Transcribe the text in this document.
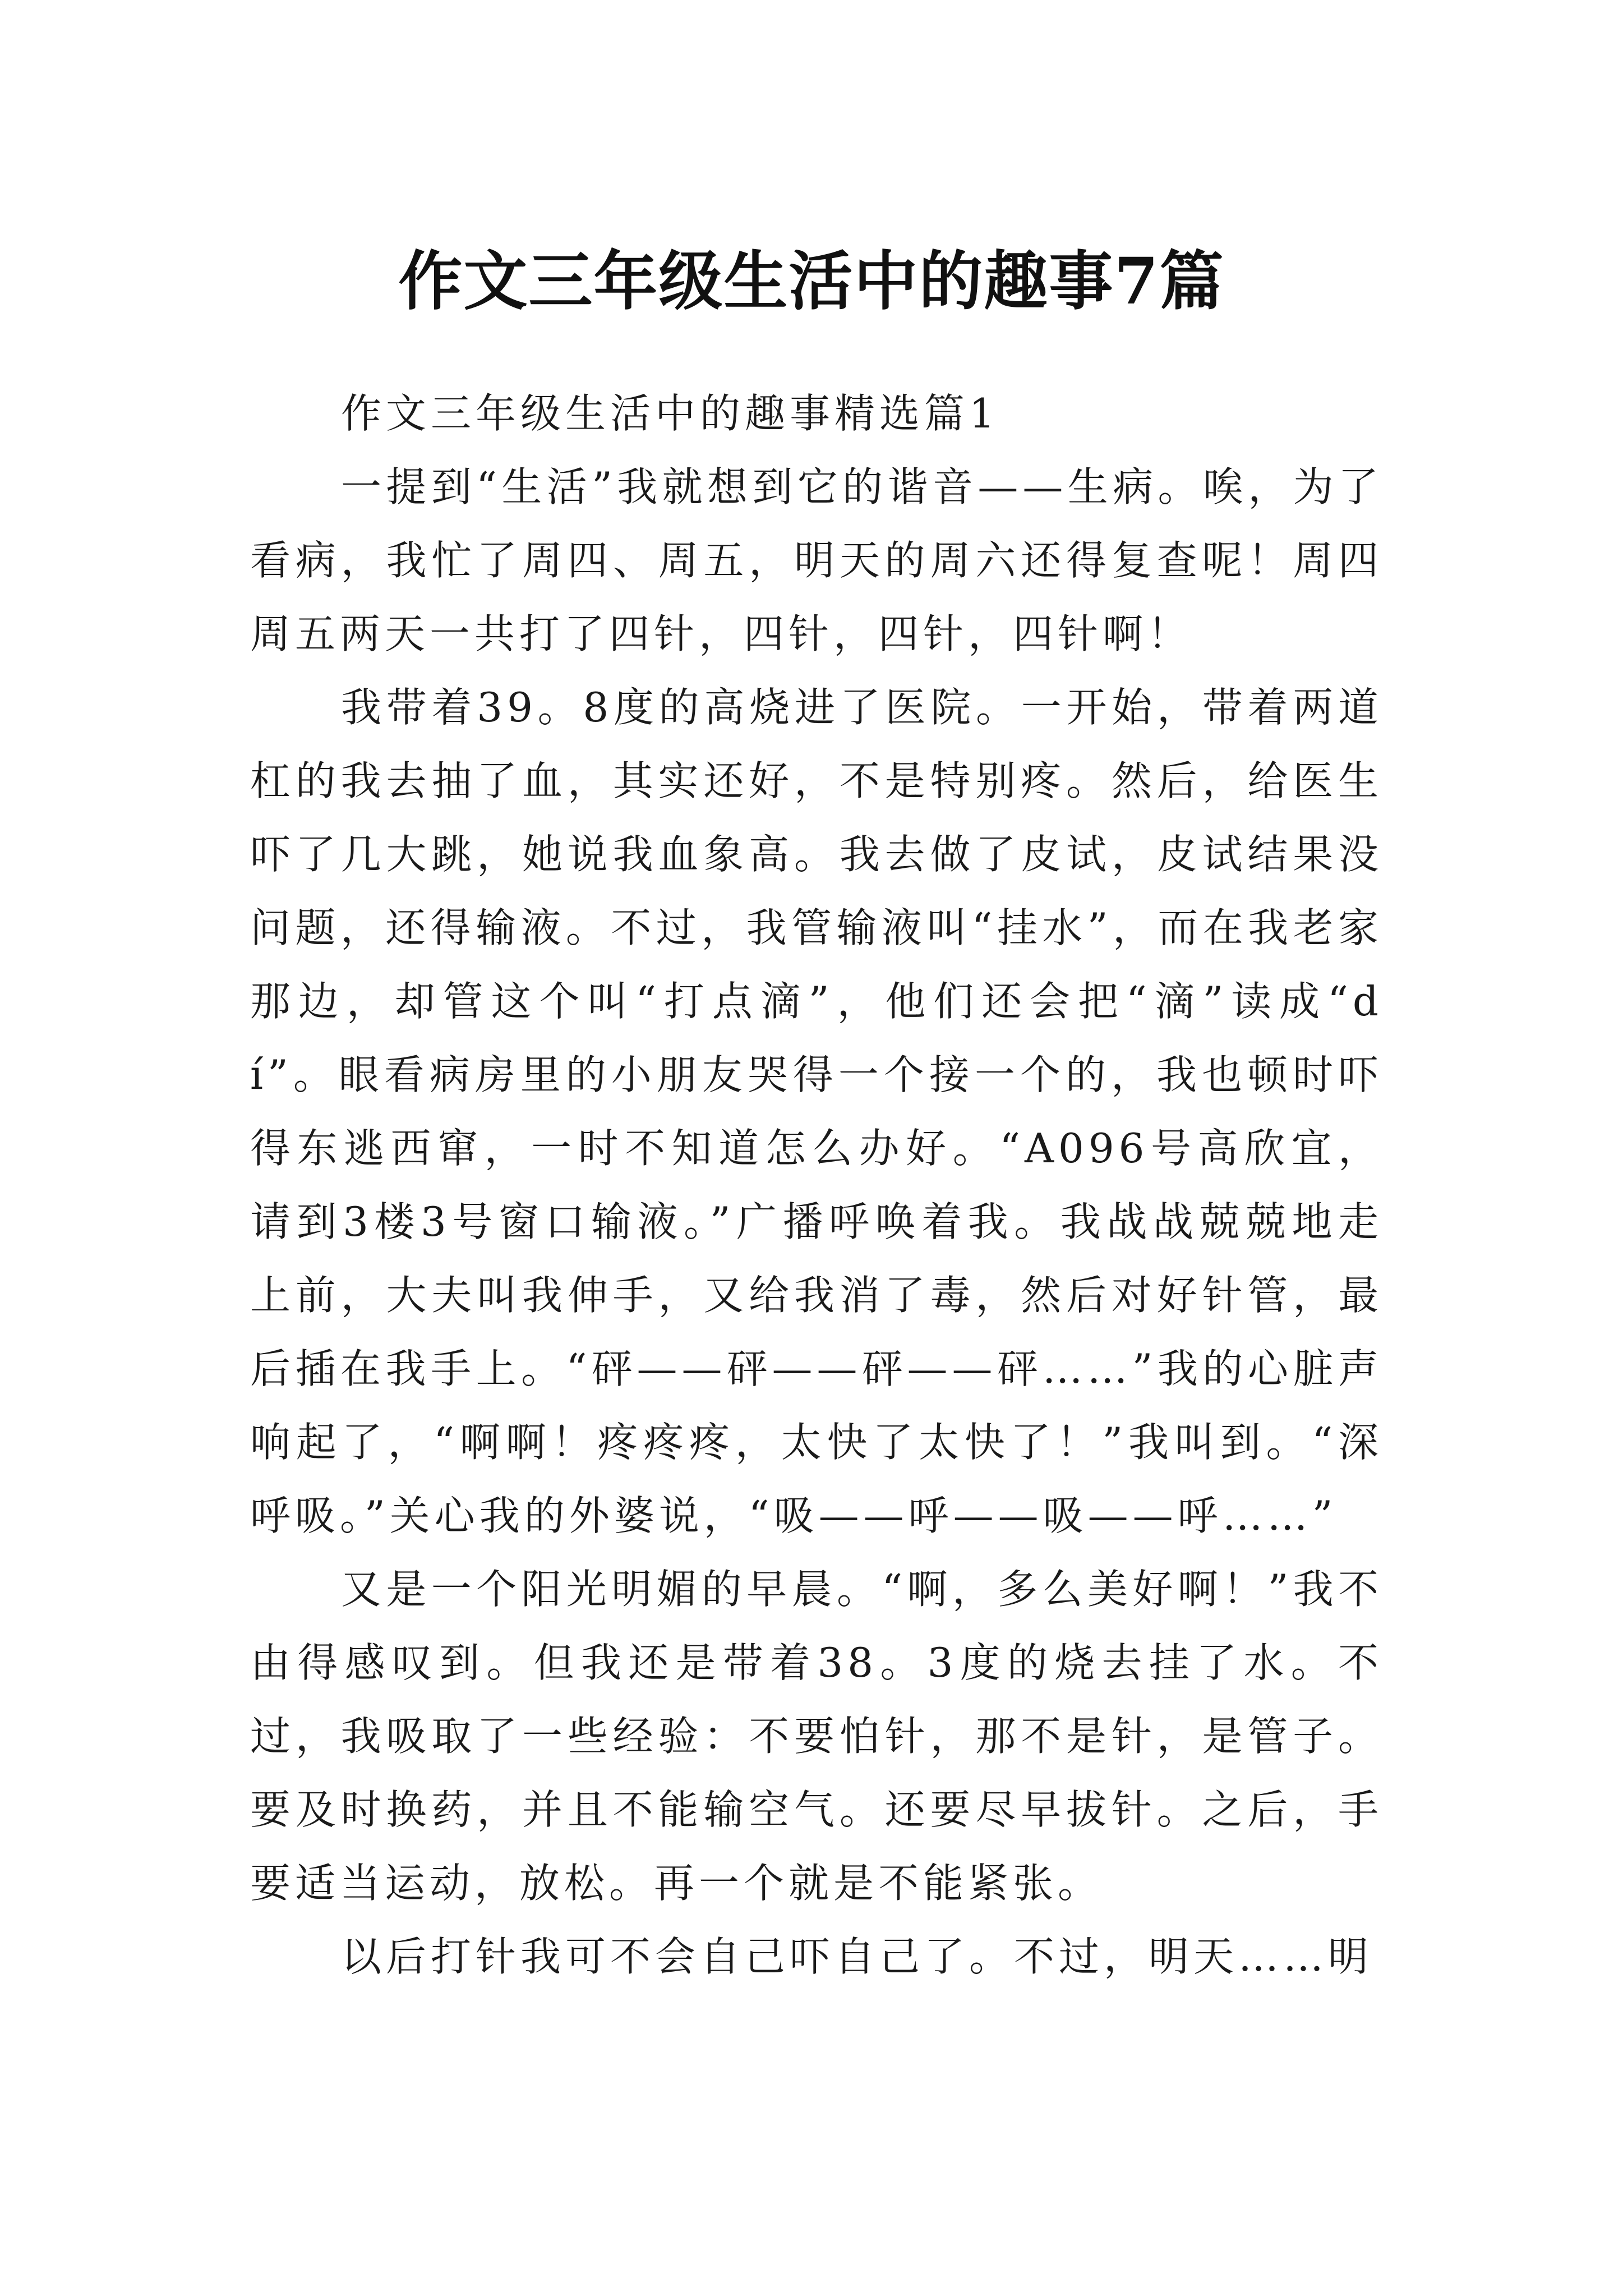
作文三年级生活中的趣事7篇

作文三年级生活中的趣事精选篇1

一提到“生活”我就想到它的谐音——生病。唉，为了看病，我忙了周四、周五，明天的周六还得复查呢！周四周五两天一共打了四针，四针，四针，四针啊！

我带着39。8度的高烧进了医院。一开始，带着两道杠的我去抽了血，其实还好，不是特别疼。然后，给医生吓了几大跳，她说我血象高。我去做了皮试，皮试结果没问题，还得输液。不过，我管输液叫“挂水”，而在我老家那边，却管这个叫“打点滴”，他们还会把“滴”读成“dí”。眼看病房里的小朋友哭得一个接一个的，我也顿时吓得东逃西窜，一时不知道怎么办好。“A096号高欣宜，请到3楼3号窗口输液。”广播呼唤着我。我战战兢兢地走上前，大夫叫我伸手，又给我消了毒，然后对好针管，最后插在我手上。“砰——砰——砰——砰……”我的心脏声响起了，“啊啊！疼疼疼，太快了太快了！”我叫到。“深呼吸。”关心我的外婆说，“吸——呼——吸——呼……”

又是一个阳光明媚的早晨。“啊，多么美好啊！”我不由得感叹到。但我还是带着38。3度的烧去挂了水。不过，我吸取了一些经验：不要怕针，那不是针，是管子。要及时换药，并且不能输空气。还要尽早拔针。之后，手要适当运动，放松。再一个就是不能紧张。

以后打针我可不会自己吓自己了。不过，明天……明
